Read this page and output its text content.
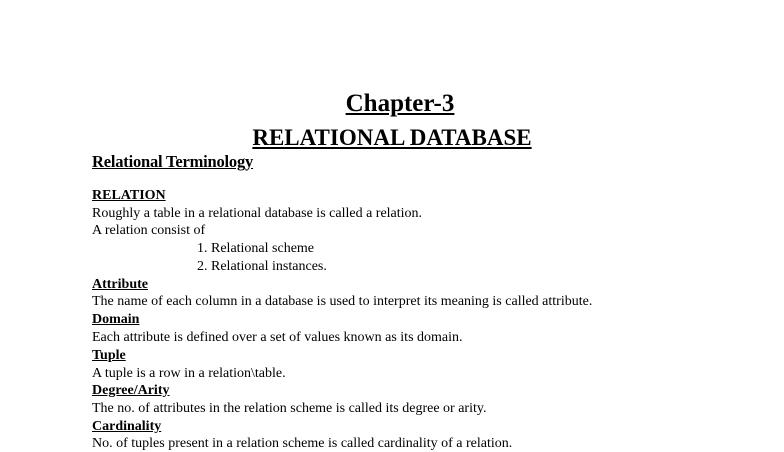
Chapter-3
RELATIONAL DATABASE
Relational Terminology
RELATION
Roughly a table in a relational database is called a relation.
A relation consist of
1. Relational scheme
2. Relational instances.
Attribute
The name of each column in a database is used to interpret its meaning is called attribute.
Domain
Each attribute is defined over a set of values known as its domain.
Tuple
A tuple is a row in a relation\table.
Degree/Arity
The no. of attributes in the relation scheme is called its degree or arity.
Cardinality
No. of tuples present in a relation scheme is called cardinality of a relation.
